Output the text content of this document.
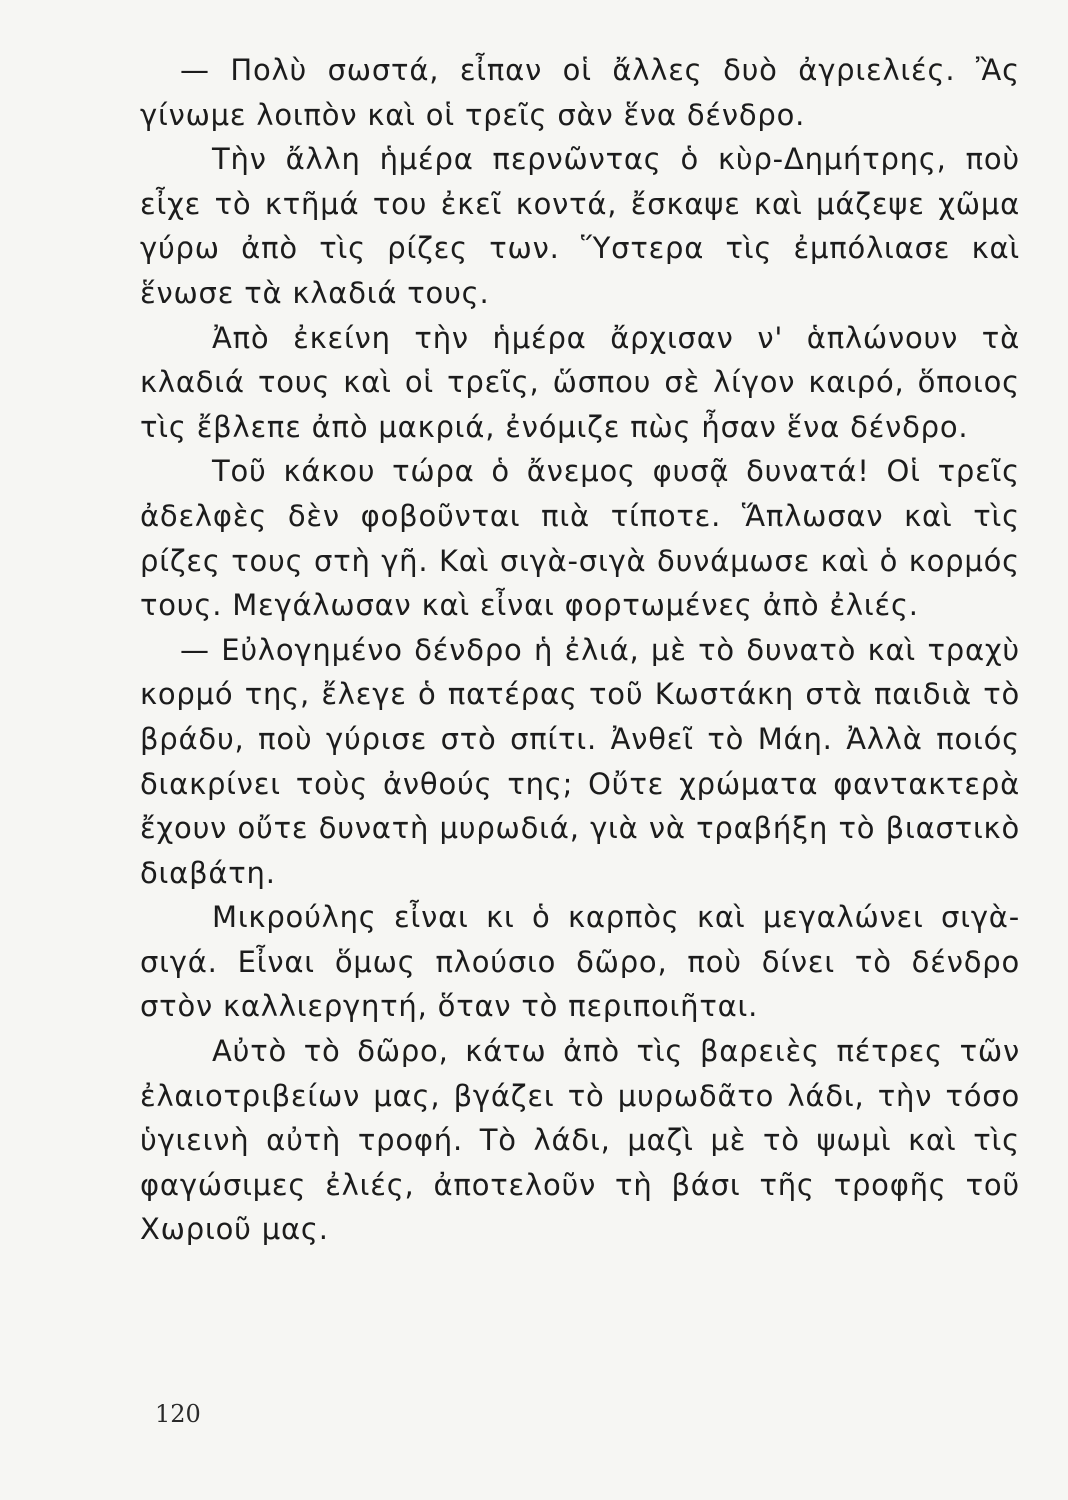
— Πολὺ σωστά, εἶπαν οἱ ἄλλες δυὸ ἀγριελιές. Ἂς γίνωμε λοιπὸν καὶ οἱ τρεῖς σὰν ἕνα δένδρο.

Τὴν ἄλλη ἡμέρα περνῶντας ὁ κὺρ-Δημήτρης, ποὺ εἶχε τὸ κτῆμά του ἐκεῖ κοντά, ἔσκαψε καὶ μάζεψε χῶμα γύρω ἀπὸ τὶς ρίζες των. Ὕστερα τὶς ἐμπόλιασε καὶ ἕνωσε τὰ κλαδιά τους.

Ἀπὸ ἐκείνη τὴν ἡμέρα ἄρχισαν ν' ἁπλώνουν τὰ κλαδιά τους καὶ οἱ τρεῖς, ὥσπου σὲ λίγον καιρό, ὅποιος τὶς ἔβλεπε ἀπὸ μακριά, ἐνόμιζε πὼς ἦσαν ἕνα δένδρο.

Τοῦ κάκου τώρα ὁ ἄνεμος φυσᾷ δυνατά! Οἱ τρεῖς ἀδελφὲς δὲν φοβοῦνται πιὰ τίποτε. Ἅπλωσαν καὶ τὶς ρίζες τους στὴ γῆ. Καὶ σιγὰ-σιγὰ δυνάμωσε καὶ ὁ κορμός τους. Μεγάλωσαν καὶ εἶναι φορτωμένες ἀπὸ ἐλιές.

— Εὐλογημένο δένδρο ἡ ἐλιά, μὲ τὸ δυνατὸ καὶ τραχὺ κορμό της, ἔλεγε ὁ πατέρας τοῦ Κωστάκη στὰ παιδιὰ τὸ βράδυ, ποὺ γύρισε στὸ σπίτι. Ἀνθεῖ τὸ Μάη. Ἀλλὰ ποιός διακρίνει τοὺς ἀνθούς της; Οὔτε χρώματα φαντακτερὰ ἔχουν οὔτε δυνατὴ μυρωδιά, γιὰ νὰ τραβήξη τὸ βιαστικὸ διαβάτη.

Μικρούλης εἶναι κι ὁ καρπὸς καὶ μεγαλώνει σιγὰ-σιγά. Εἶναι ὅμως πλούσιο δῶρο, ποὺ δίνει τὸ δένδρο στὸν καλλιεργητή, ὅταν τὸ περιποιῆται.

Αὐτὸ τὸ δῶρο, κάτω ἀπὸ τὶς βαρειὲς πέτρες τῶν ἐλαιοτριβείων μας, βγάζει τὸ μυρωδᾶτο λάδι, τὴν τόσο ὑγιεινὴ αὐτὴ τροφή. Τὸ λάδι, μαζὶ μὲ τὸ ψωμὶ καὶ τὶς φαγώσιμες ἐλιές, ἀποτελοῦν τὴ βάσι τῆς τροφῆς τοῦ Χωριοῦ μας.

120
